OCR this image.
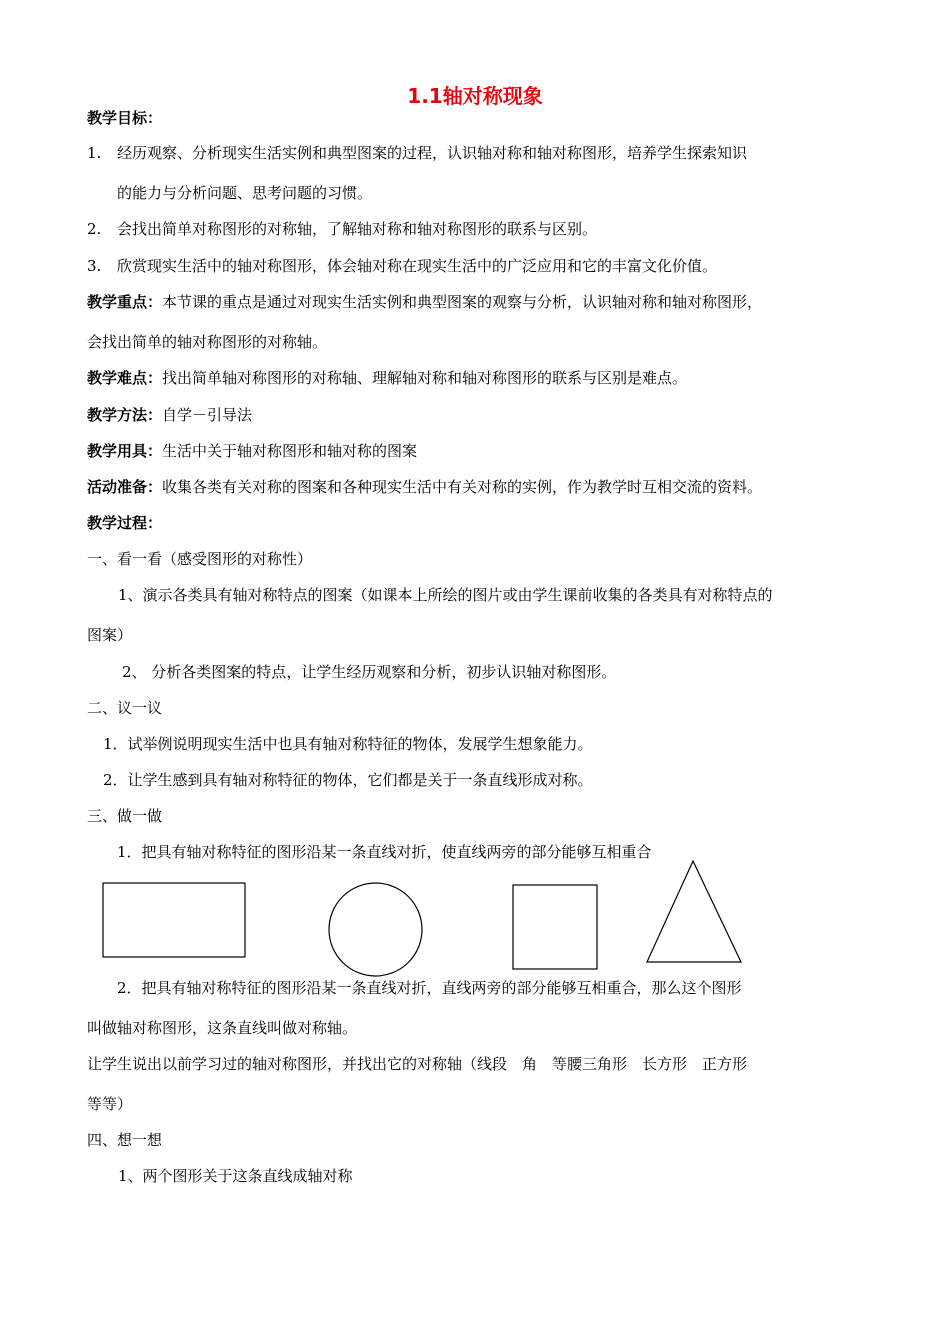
1.1轴对称现象
教学目标：
1. 经历观察、分析现实生活实例和典型图案的过程，认识轴对称和轴对称图形，培养学生探索知识
的能力与分析问题、思考问题的习惯。
2. 会找出简单对称图形的对称轴，了解轴对称和轴对称图形的联系与区别。
3. 欣赏现实生活中的轴对称图形，体会轴对称在现实生活中的广泛应用和它的丰富文化价值。
教学重点：本节课的重点是通过对现实生活实例和典型图案的观察与分析，认识轴对称和轴对称图形，
会找出简单的轴对称图形的对称轴。
教学难点：找出简单轴对称图形的对称轴、理解轴对称和轴对称图形的联系与区别是难点。
教学方法：自学－引导法
教学用具：生活中关于轴对称图形和轴对称的图案
活动准备：收集各类有关对称的图案和各种现实生活中有关对称的实例，作为教学时互相交流的资料。
教学过程：
一、看一看（感受图形的对称性）
1、演示各类具有轴对称特点的图案（如课本上所绘的图片或由学生课前收集的各类具有对称特点的
图案）
2、 分析各类图案的特点，让学生经历观察和分析，初步认识轴对称图形。
二、议一议
1．试举例说明现实生活中也具有轴对称特征的物体，发展学生想象能力。
2．让学生感到具有轴对称特征的物体，它们都是关于一条直线形成对称。
三、做一做
1．把具有轴对称特征的图形沿某一条直线对折，使直线两旁的部分能够互相重合
2．把具有轴对称特征的图形沿某一条直线对折，直线两旁的部分能够互相重合，那么这个图形
叫做轴对称图形，这条直线叫做对称轴。
让学生说出以前学习过的轴对称图形，并找出它的对称轴（线段　角　等腰三角形　长方形　正方形
等等）
四、想一想
1、两个图形关于这条直线成轴对称
